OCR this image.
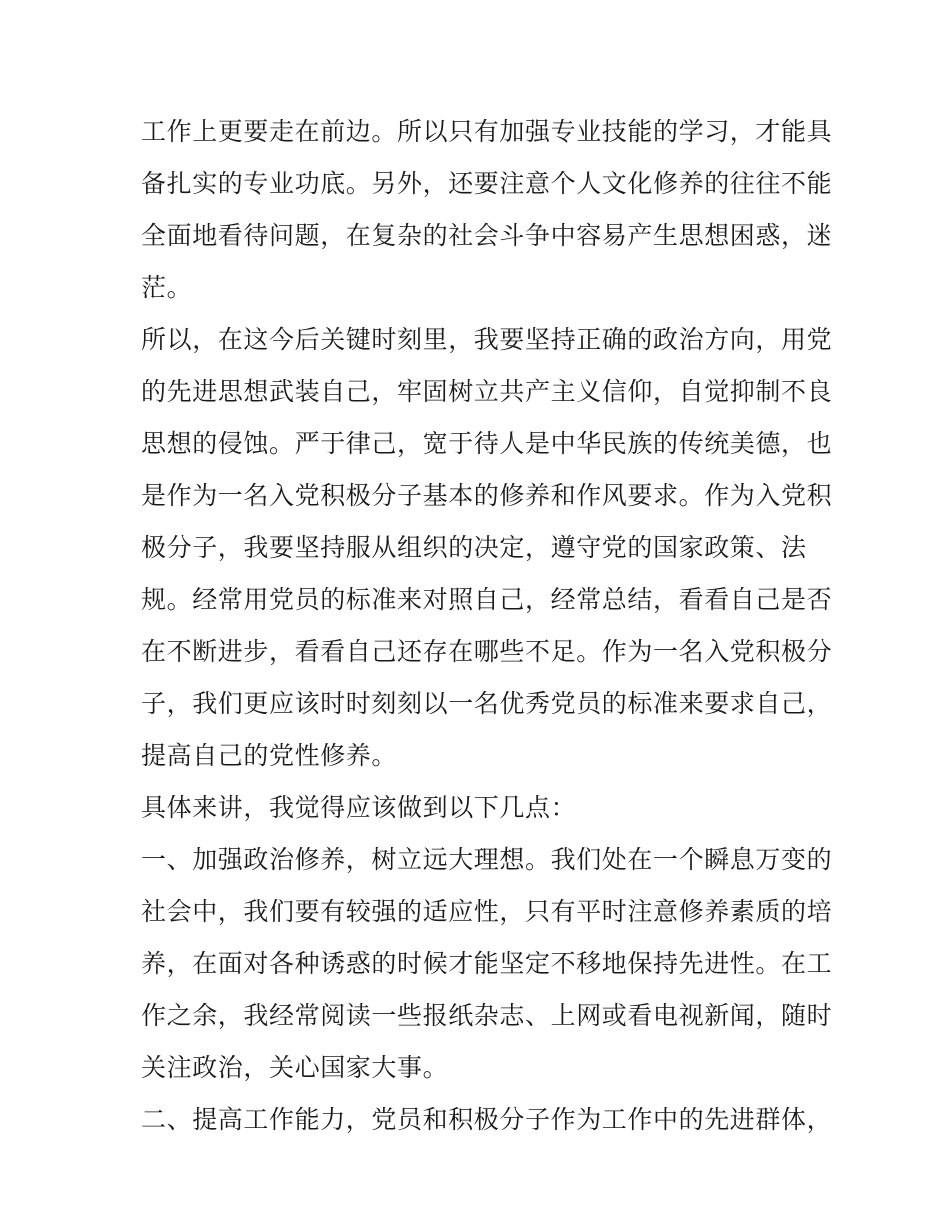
工作上更要走在前边。所以只有加强专业技能的学习，才能具
备扎实的专业功底。另外，还要注意个人文化修养的往往不能
全面地看待问题，在复杂的社会斗争中容易产生思想困惑，迷
茫。
所以，在这今后关键时刻里，我要坚持正确的政治方向，用党
的先进思想武装自己，牢固树立共产主义信仰，自觉抑制不良
思想的侵蚀。严于律己，宽于待人是中华民族的传统美德，也
是作为一名入党积极分子基本的修养和作风要求。作为入党积
极分子，我要坚持服从组织的决定，遵守党的国家政策、法
规。经常用党员的标准来对照自己，经常总结，看看自己是否
在不断进步，看看自己还存在哪些不足。作为一名入党积极分
子，我们更应该时时刻刻以一名优秀党员的标准来要求自己，
提高自己的党性修养。
具体来讲，我觉得应该做到以下几点：
一、加强政治修养，树立远大理想。我们处在一个瞬息万变的
社会中，我们要有较强的适应性，只有平时注意修养素质的培
养，在面对各种诱惑的时候才能坚定不移地保持先进性。在工
作之余，我经常阅读一些报纸杂志、上网或看电视新闻，随时
关注政治，关心国家大事。
二、提高工作能力，党员和积极分子作为工作中的先进群体，
